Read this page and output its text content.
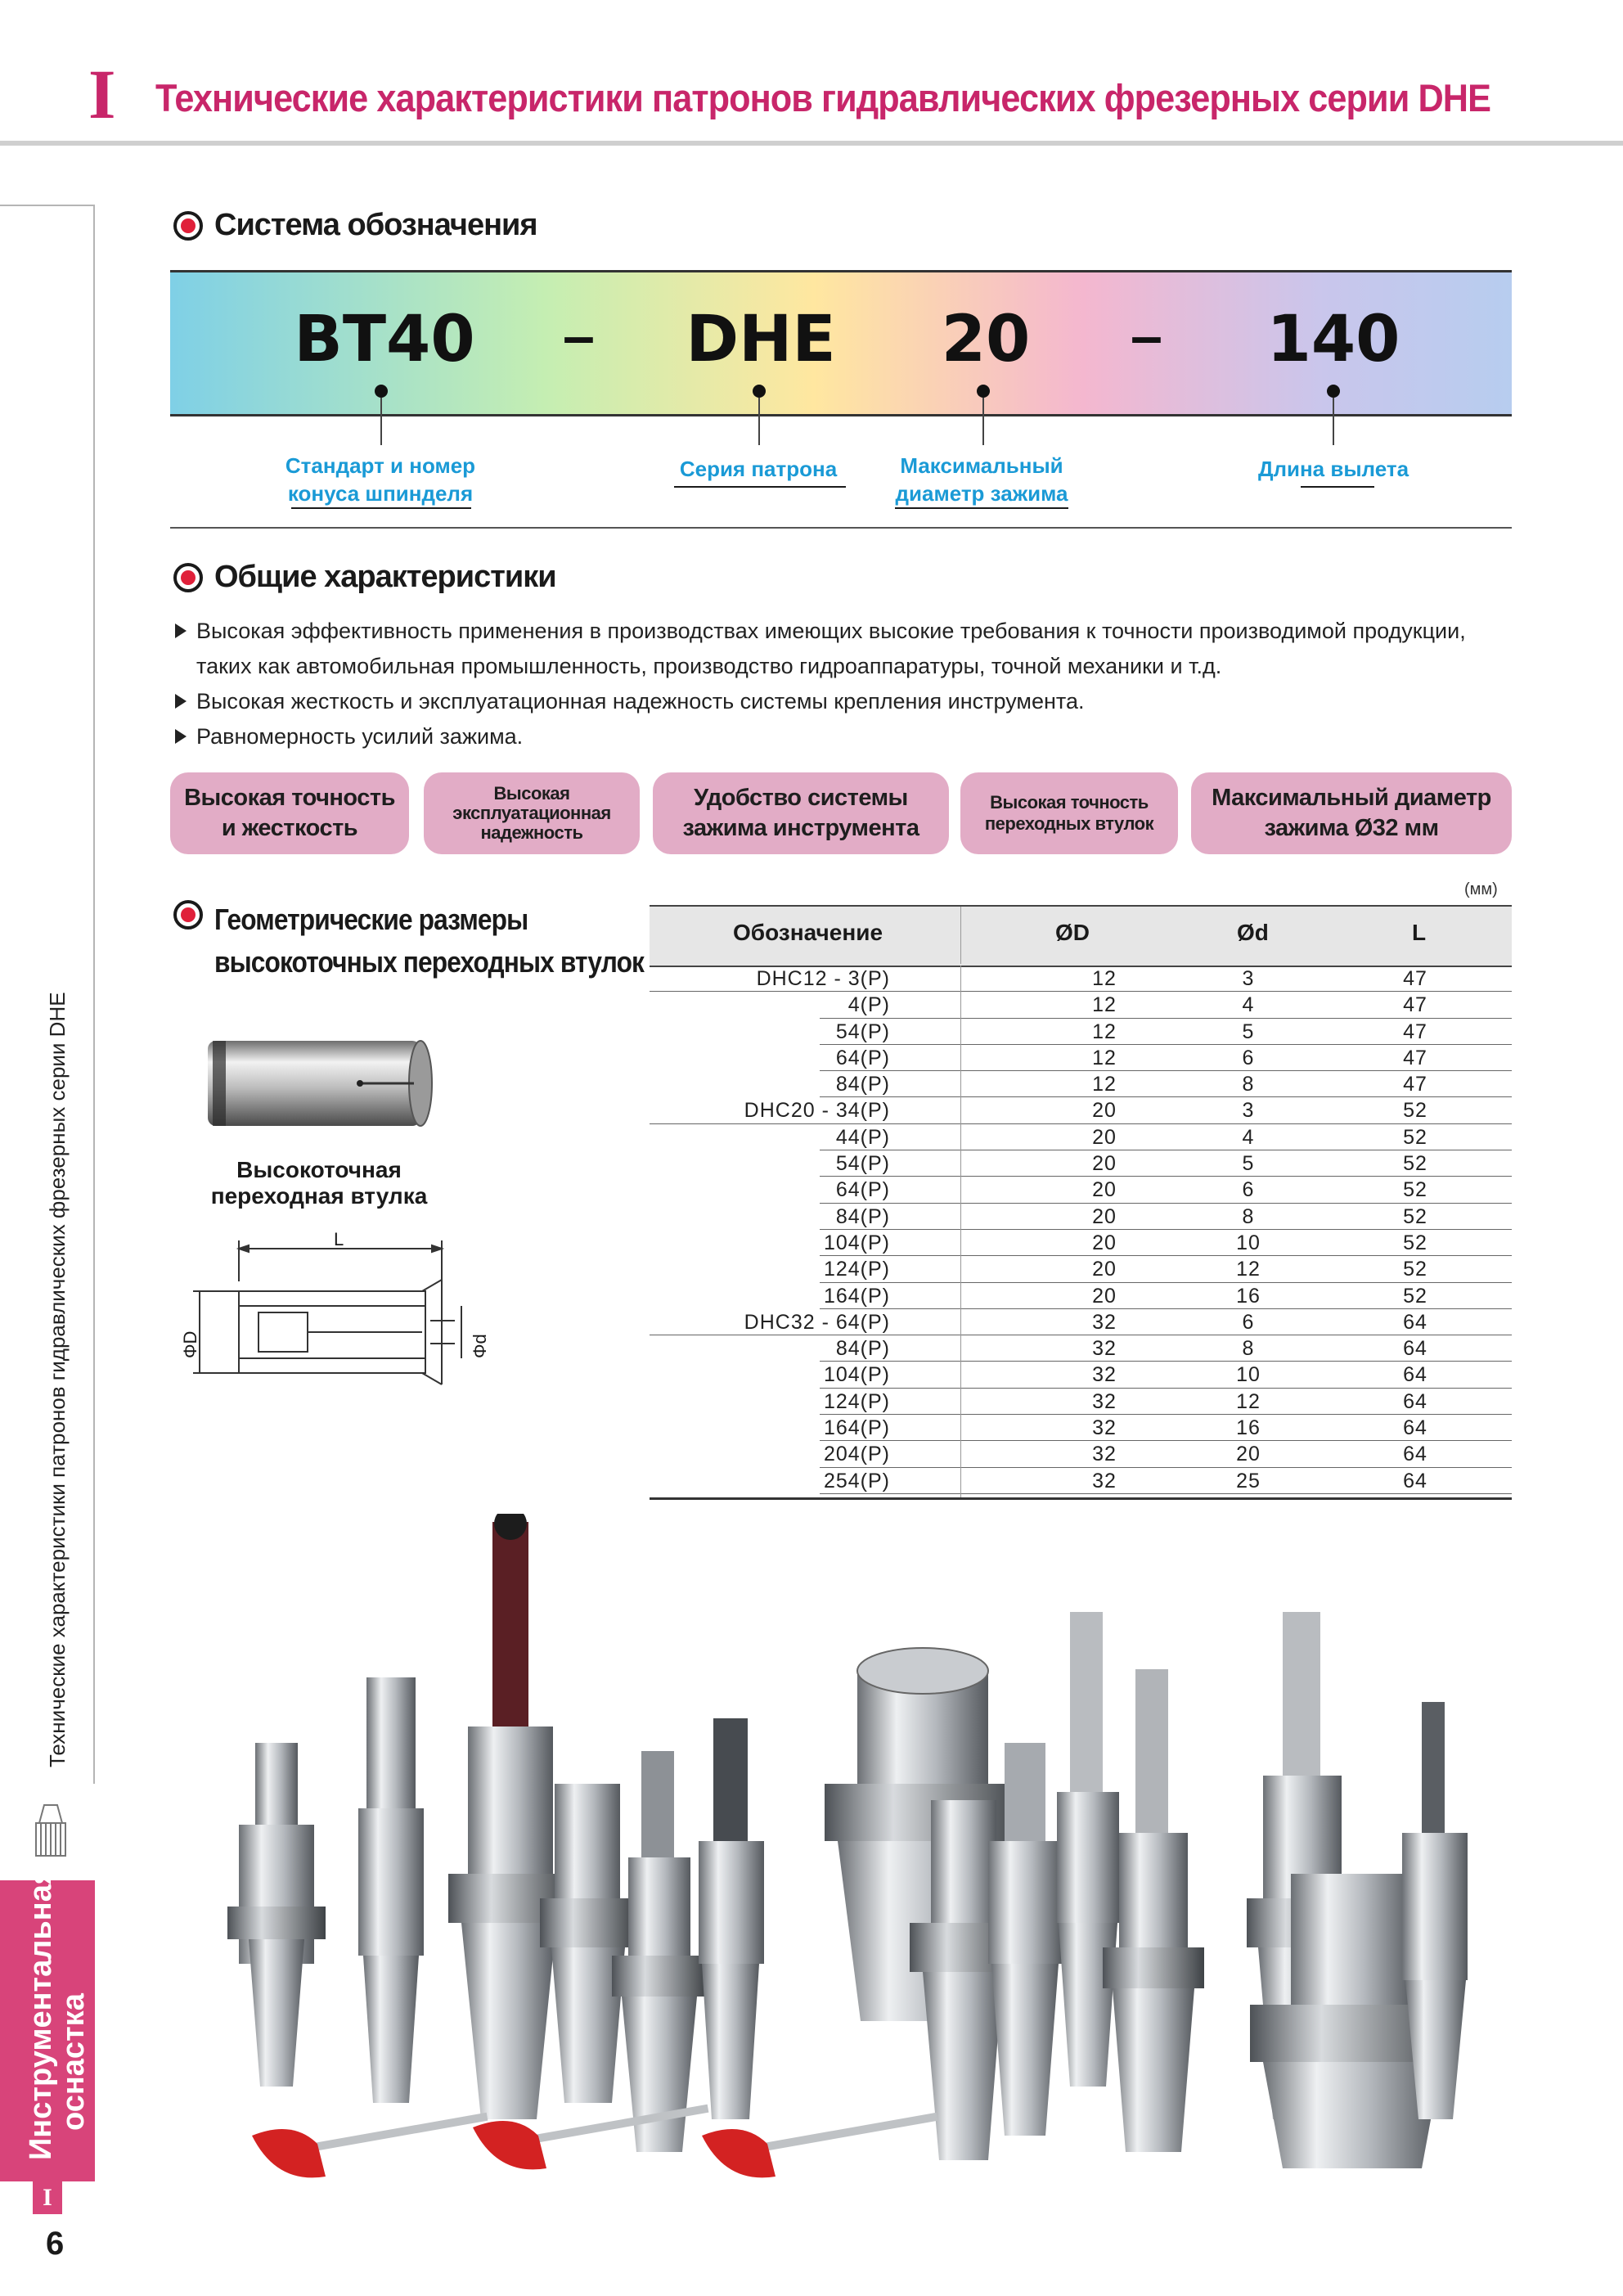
I Технические характеристики патронов гидравлических фрезерных серии DHE
Технические характеристики патронов гидравлических фрезерных серии DHE
Инструментальная
оснастка
I
6
Система обозначения
BT40 –	DHE	20 – 140
Стандарт и номер
конуса шпинделя
Серия патрона	Максимальный
диаметр зажима
Длина вылета
Общие характеристики
Высокая эффективность применения в производствах имеющих высокие требования к точности производимой продукции,
таких как автомобильная промышленность, производство гидроаппаратуры, точной механики и т.д.
Высокая жесткость и эксплуатационная надежность системы крепления инструмента.
Равномерность усилий зажима.
Высокая точность
и жесткость
Высокая
эксплуатационная
надежность
Удобство системы
зажима инструмента
Высокая точность
переходных втулок
Максимальный диаметр
зажима Ø32 мм
Геометрические размеры
высокоточных переходных втулок
Высокоточная
переходная втулка
L
ΦD	Φd
(мм)
Обозначение	ØD	Ød	L
DHC12 - 3(P)	12	3	47
4(P)	12	4	47
54(P)	12	5	47
64(P)	12	6	47
84(P)	12	8	47
DHC20 - 34(P)	20	3	52
44(P)	20	4	52
54(P)	20	5	52
64(P)	20	6	52
84(P)	20	8	52
104(P)	20	10	52
124(P)	20	12	52
164(P)	20	16	52
DHC32 - 64(P)	32	6	64
84(P)	32	8	64
104(P)	32	10	64
124(P)	32	12	64
164(P)	32	16	64
204(P)	32	20	64
254(P)	32	25	64
